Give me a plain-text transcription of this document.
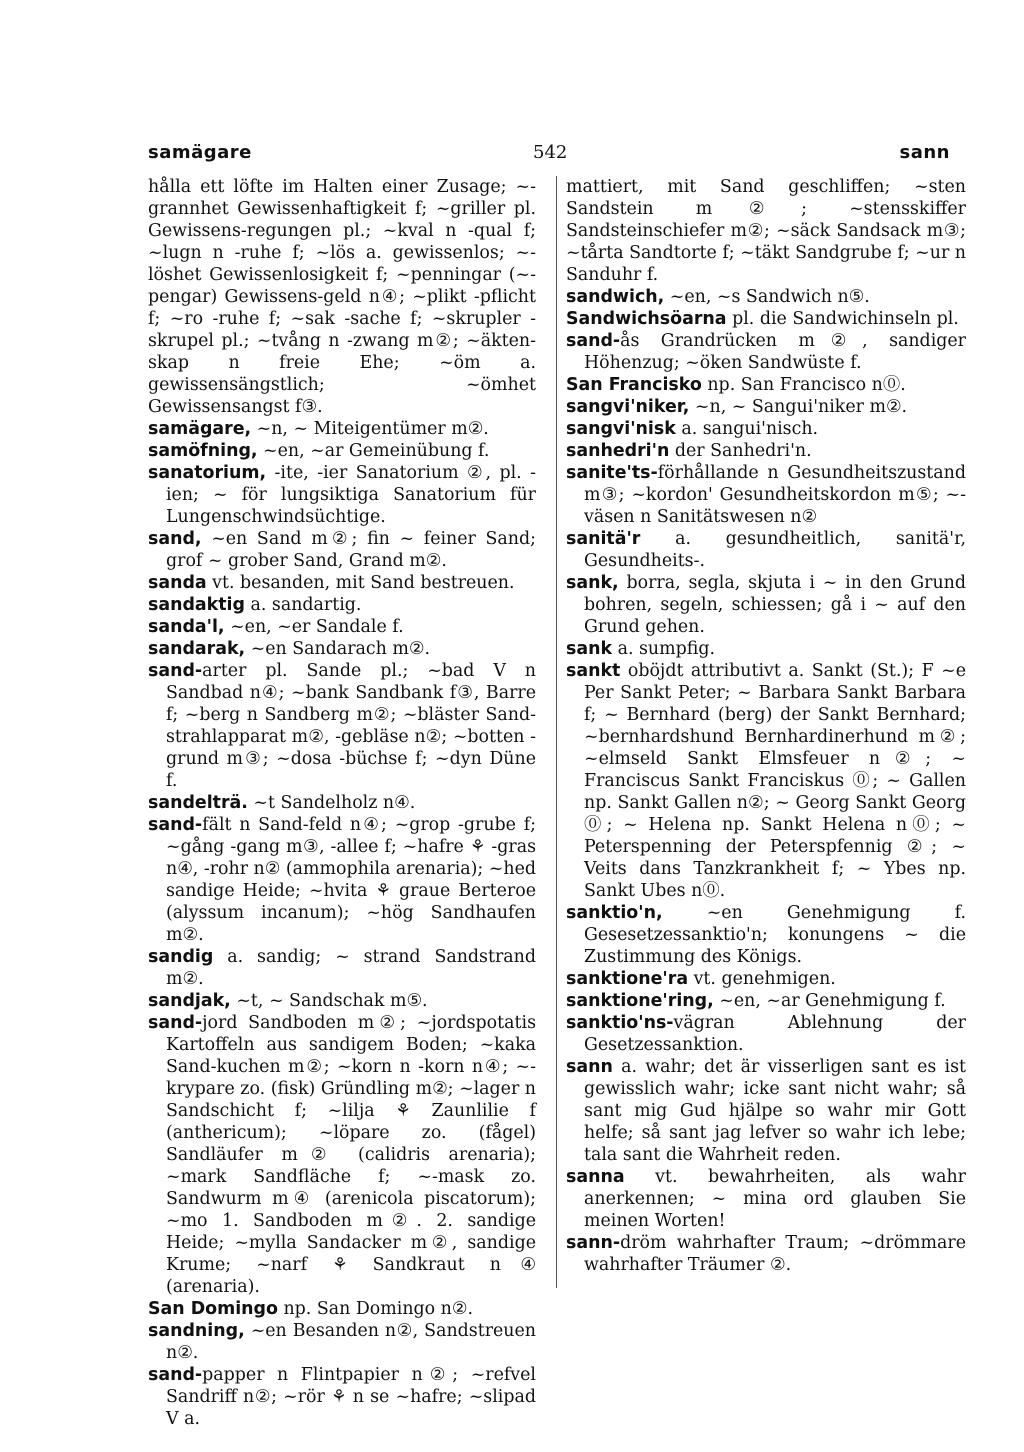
samägare	542	sann

hålla ett löfte im Halten einer Zusage; ~-grannhet Gewissenhaftigkeit f; ~griller pl. Gewissens-regungen pl.; ~kval n -qual f; ~lugn n -ruhe f; ~lös a. gewissenlos; ~-löshet Gewissenlosigkeit f; ~penningar (~-pengar) Gewissens-geld n④; ~plikt -pflicht f; ~ro -ruhe f; ~sak -sache f; ~skrupler -skrupel pl.; ~tvång n -zwang m②; ~äkten-skap n freie Ehe; ~öm a. gewissensängstlich; ~ömhet Gewissensangst f③.

samägare, ~n, ~ Miteigentümer m②.

samöfning, ~en, ~ar Gemeinübung f.

sanatorium, -ite, -ier Sanatorium ②, pl. -ien; ~ för lungsiktiga Sanatorium für Lungenschwindsüchtige.

sand, ~en Sand m②; fin ~ feiner Sand; grof ~ grober Sand, Grand m②.

sanda vt. besanden, mit Sand bestreuen.

sandaktig a. sandartig.

sanda'l, ~en, ~er Sandale f.

sandarak, ~en Sandarach m②.

sand-arter pl. Sande pl.; ~bad V n Sandbad n④; ~bank Sandbank f③, Barre f; ~berg n Sandberg m②; ~bläster Sand-strahlapparat m②, -gebläse n②; ~botten -grund m③; ~dosa -büchse f; ~dyn Düne f.

sandelträ. ~t Sandelholz n④.

sand-fält n Sand-feld n④; ~grop -grube f; ~gång -gang m③, -allee f; ~hafre ⚘ -gras n④, -rohr n② (ammophila arenaria); ~hed sandige Heide; ~hvita ⚘ graue Berteroe (alyssum incanum); ~hög Sandhaufen m②.

sandig a. sandig; ~ strand Sandstrand m②.

sandjak, ~t, ~ Sandschak m⑤.

sand-jord Sandboden m②; ~jordspotatis Kartoffeln aus sandigem Boden; ~kaka Sand-kuchen m②; ~korn n -korn n④; ~-krypare zo. (fisk) Gründling m②; ~lager n Sandschicht f; ~lilja ⚘ Zaunlilie f (anthericum); ~löpare zo. (fågel) Sandläufer m② (calidris arenaria); ~mark Sandfläche f; ~-mask zo. Sandwurm m④ (arenicola piscatorum); ~mo 1. Sandboden m②. 2. sandige Heide; ~mylla Sandacker m②, sandige Krume; ~narf ⚘ Sandkraut n④ (arenaria).

San Domingo np. San Domingo n②.

sandning, ~en Besanden n②, Sandstreuen n②.

sand-papper n Flintpapier n②; ~refvel Sandriff n②; ~rör ⚘ n se ~hafre; ~slipad V a.

mattiert, mit Sand geschliffen; ~sten Sandstein m②; ~stensskiffer Sandsteinschiefer m②; ~säck Sandsack m③; ~tårta Sandtorte f; ~täkt Sandgrube f; ~ur n Sanduhr f.

sandwich, ~en, ~s Sandwich n⑤.

Sandwichsöarna pl. die Sandwichinseln pl.

sand-ås Grandrücken m②, sandiger Höhenzug; ~öken Sandwüste f.

San Francisko np. San Francisco n⓪.

sangvi'niker, ~n, ~ Sangui'niker m②.

sangvi'nisk a. sangui'nisch.

sanhedri'n der Sanhedri'n.

sanite'ts-förhållande n Gesundheitszustand m③; ~kordon' Gesundheitskordon m⑤; ~-väsen n Sanitätswesen n②

sanitä'r a. gesundheitlich, sanitä'r, Gesundheits-.

sank, borra, segla, skjuta i ~ in den Grund bohren, segeln, schiessen; gå i ~ auf den Grund gehen.

sank a. sumpfig.

sankt oböjdt attributivt a. Sankt (St.); F ~e Per Sankt Peter; ~ Barbara Sankt Barbara f; ~ Bernhard (berg) der Sankt Bernhard; ~bernhardshund Bernhardinerhund m②; ~elmseld Sankt Elmsfeuer n②; ~ Franciscus Sankt Franciskus ⓪; ~ Gallen np. Sankt Gallen n②; ~ Georg Sankt Georg ⓪; ~ Helena np. Sankt Helena n⓪; ~ Peterspenning der Peterspfennig ②; ~ Veits dans Tanzkrankheit f; ~ Ybes np. Sankt Ubes n⓪.

sanktio'n, ~en Genehmigung f. Gesesetzessanktio'n; konungens ~ die Zustimmung des Königs.

sanktione'ra vt. genehmigen.

sanktione'ring, ~en, ~ar Genehmigung f.

sanktio'ns-vägran Ablehnung der Gesetzessanktion.

sann a. wahr; det är visserligen sant es ist gewisslich wahr; icke sant nicht wahr; så sant mig Gud hjälpe so wahr mir Gott helfe; så sant jag lefver so wahr ich lebe; tala sant die Wahrheit reden.

sanna vt. bewahrheiten, als wahr anerkennen; ~ mina ord glauben Sie meinen Worten!

sann-dröm wahrhafter Traum; ~drömmare wahrhafter Träumer ②.
